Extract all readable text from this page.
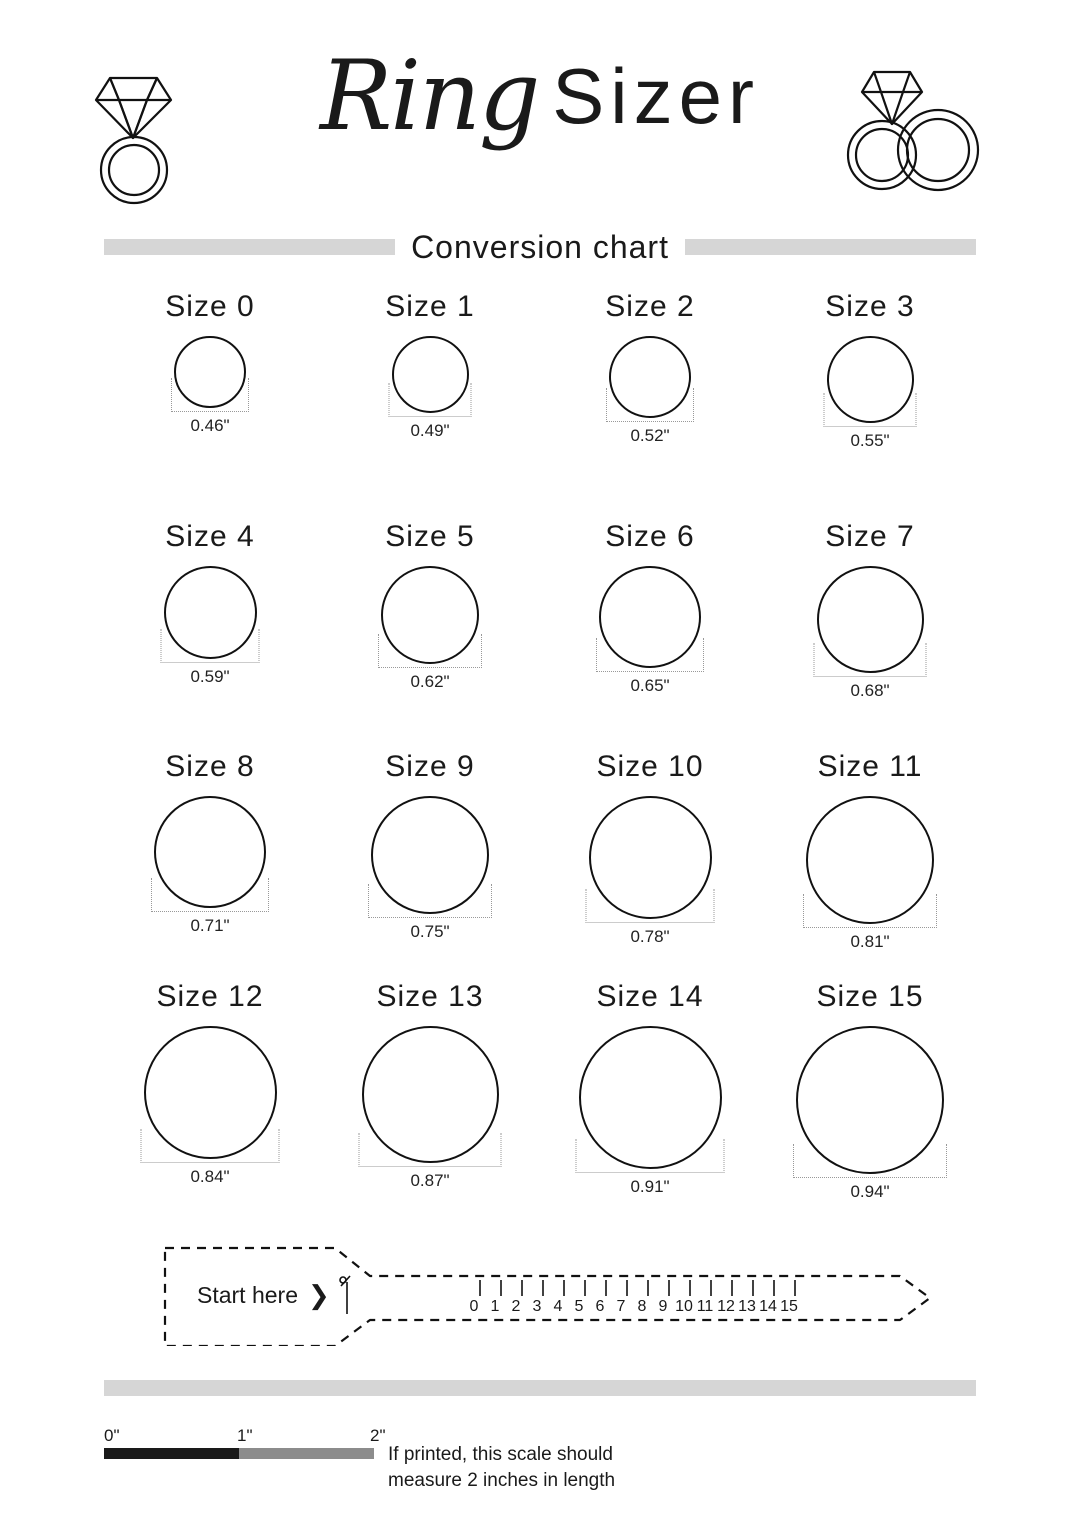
Ring Sizer
Conversion chart
Size 0
0.46"
Size 1
0.49"
Size 2
0.52"
Size 3
0.55"
Size 4
0.59"
Size 5
0.62"
Size 6
0.65"
Size 7
0.68"
Size 8
0.71"
Size 9
0.75"
Size 10
0.78"
Size 11
0.81"
Size 12
0.84"
Size 13
0.87"
Size 14
0.91"
Size 15
0.94"
0 1 2 3 4 5 6 7 8 9 10 11 12 13 14 15
Start here ❯
0"	1"	2"
If printed, this scale should
measure 2 inches in length
